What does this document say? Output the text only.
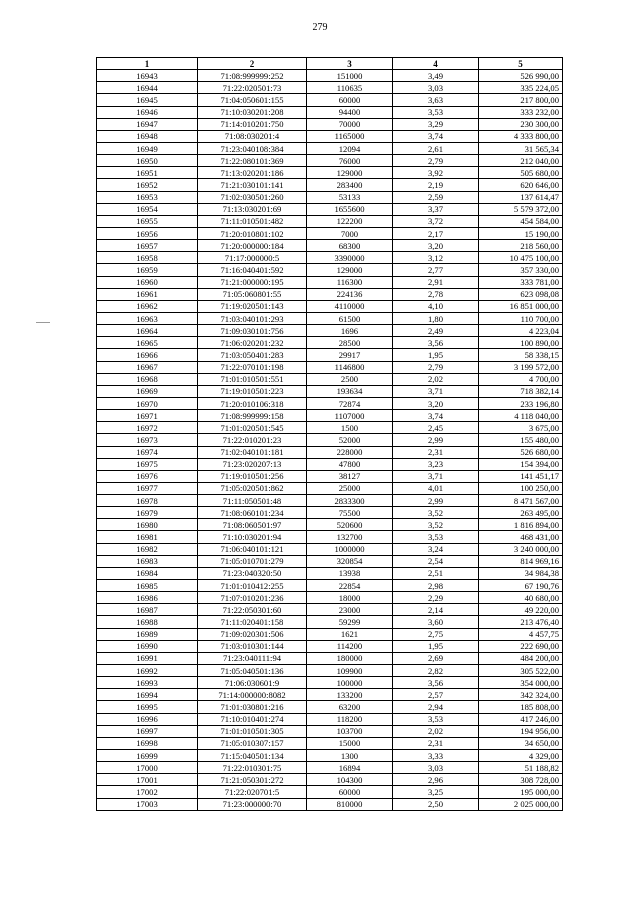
279
1	2	3	4	5
16943	71:08:999999:252	151000	3,49	526 990,00
16944	71:22:020501:73	110635	3,03	335 224,05
16945	71:04:050601:155	60000	3,63	217 800,00
16946	71:10:030201:208	94400	3,53	333 232,00
16947	71:14:010201:750	70000	3,29	230 300,00
16948	71:08:030201:4	1165000	3,74	4 333 800,00
16949	71:23:040108:384	12094	2,61	31 565,34
16950	71:22:080101:369	76000	2,79	212 040,00
16951	71:13:020201:186	129000	3,92	505 680,00
16952	71:21:030101:141	283400	2,19	620 646,00
16953	71:02:030501:260	53133	2,59	137 614,47
16954	71:13:030201:69	1655600	3,37	5 579 372,00
16955	71:11:010501:482	122200	3,72	454 584,00
16956	71:20:010801:102	7000	2,17	15 190,00
16957	71:20:000000:184	68300	3,20	218 560,00
16958	71:17:000000:5	3390000	3,12	10 475 100,00
16959	71:16:040401:592	129000	2,77	357 330,00
16960	71:21:000000:195	116300	2,91	333 781,00
16961	71:05:060801:55	224136	2,78	623 098,08
16962	71:19:020501:143	4110000	4,10	16 851 000,00
16963	71:03:040101:293	61500	1,80	110 700,00
16964	71:09:030101:756	1696	2,49	4 223,04
16965	71:06:020201:232	28500	3,56	100 890,00
16966	71:03:050401:283	29917	1,95	58 338,15
16967	71:22:070101:198	1146800	2,79	3 199 572,00
16968	71:01:010501:551	2500	2,02	4 700,00
16969	71:19:010501:223	193634	3,71	718 382,14
16970	71:20:010106:318	72874	3,20	233 196,80
16971	71:08:999999:158	1107000	3,74	4 118 040,00
16972	71:01:020501:545	1500	2,45	3 675,00
16973	71:22:010201:23	52000	2,99	155 480,00
16974	71:02:040101:181	228000	2,31	526 680,00
16975	71:23:020207:13	47800	3,23	154 394,00
16976	71:19:010501:256	38127	3,71	141 451,17
16977	71:05:020501:862	25000	4,01	100 250,00
16978	71:11:050501:48	2833300	2,99	8 471 567,00
16979	71:08:060101:234	75500	3,52	263 495,00
16980	71:08:060501:97	520600	3,52	1 816 894,00
16981	71:10:030201:94	132700	3,53	468 431,00
16982	71:06:040101:121	1000000	3,24	3 240 000,00
16983	71:05:010701:279	320854	2,54	814 969,16
16984	71:23:040320:50	13938	2,51	34 984,38
16985	71:01:010412:255	22854	2,98	67 190,76
16986	71:07:010201:236	18000	2,29	40 680,00
16987	71:22:050301:60	23000	2,14	49 220,00
16988	71:11:020401:158	59299	3,60	213 476,40
16989	71:09:020301:506	1621	2,75	4 457,75
16990	71:03:010301:144	114200	1,95	222 690,00
16991	71:23:040111:94	180000	2,69	484 200,00
16992	71:05:040501:136	109900	2,82	305 522,00
16993	71:06:030601:9	100000	3,56	354 000,00
16994	71:14:000000:8082	133200	2,57	342 324,00
16995	71:01:030801:216	63200	2,94	185 808,00
16996	71:10:010401:274	118200	3,53	417 246,00
16997	71:01:010501:305	103700	2,02	194 956,00
16998	71:05:010307:157	15000	2,31	34 650,00
16999	71:15:040501:134	1300	3,33	4 329,00
17000	71:22:010301:75	16894	3,03	51 188,82
17001	71:21:050301:272	104300	2,96	308 728,00
17002	71:22:020701:5	60000	3,25	195 000,00
17003	71:23:000000:70	810000	2,50	2 025 000,00
